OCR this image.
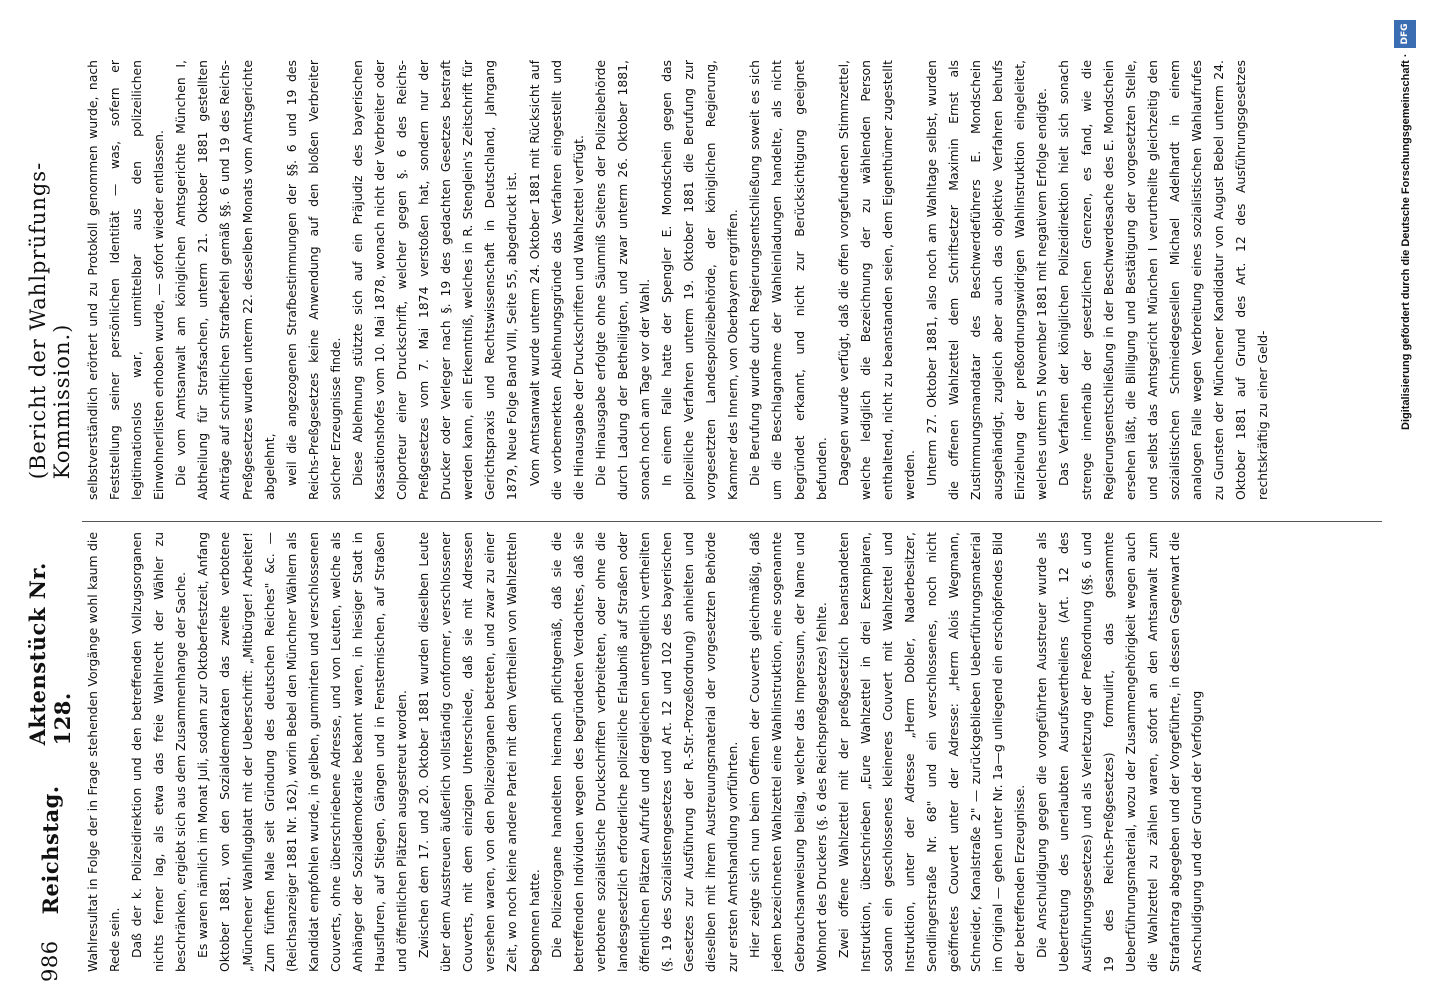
986
Reichstag.
Aktenstück Nr. 128.
(Bericht der Wahlprüfungs-Kommission.)

Wahlresultat in Folge der in Frage stehenden Vorgänge wohl kaum die Rede sein. Daß der k. Polizeidirektion und den betreffenden Vollzugsorganen nichts ferner lag, als etwa das freie Wahlrecht der Wähler zu beschränken, ergiebt sich aus dem Zusammenhange der Sache. Es waren nämlich im Monat Juli, sodann zur Oktoberfestzeit, Anfang Oktober 1881, von den Sozialdemokraten das zweite verbotene „Münchener Wahlflugblatt mit der Ueberschrift: „Mitbürger! Arbeiter! Zum fünften Male seit Gründung des deutschen Reiches" &c. — (Reichsanzeiger 1881 Nr. 162), worin Bebel den Münchner Wählern als Kandidat empfohlen wurde, in gelben, gummirten und verschlossenen Couverts, ohne überschriebene Adresse, und von Leuten, welche als Anhänger der Sozialdemokratie bekannt waren, in hiesiger Stadt in Hausfluren, auf Stiegen, Gängen und in Fensternischen, auf Straßen und öffentlichen Plätzen ausgestreut worden. Zwischen dem 17. und 20. Oktober 1881 wurden dieselben Leute über dem Ausstreuen äußerlich vollständig conformer, verschlossener Couverts, mit dem einzigen Unterschiede, daß sie mit Adressen versehen waren, von den Polizeiorganen betreten, und zwar zu einer Zeit, wo noch keine andere Partei mit dem Vertheilen von Wahlzetteln begonnen hatte. Die Polizeiorgane handelten hiernach pflichtgemäß, daß sie die betreffenden Individuen wegen des begründeten Verdachtes, daß sie verbotene sozialistische Druckschriften verbreiteten, oder ohne die landesgesetzlich erforderliche polizeiliche Erlaubniß auf Straßen oder öffentlichen Plätzen Aufrufe und dergleichen unentgeltlich vertheilten (§. 19 des Sozialistengesetzes und Art. 12 und 102 des bayerischen Gesetzes zur Ausführung der R.-Str.-Prozeßordnung) anhielten und dieselben mit ihrem Austreuungsmaterial der vorgesetzten Behörde zur ersten Amtshandlung vorführten. Hier zeigte sich nun beim Oeffnen der Couverts gleichmäßig, daß jedem bezeichneten Wahlzettel eine Wahlinstruktion, eine sogenannte Gebrauchsanweisung beilag, welcher das Impressum, der Name und Wohnort des Druckers (§. 6 des Reichspreßgesetzes) fehlte. Zwei offene Wahlzettel mit der preßgesetzlich beanstandeten Instruktion, überschrieben „Eure Wahlzettel in drei Exemplaren, sodann ein geschlossenes kleineres Couvert mit Wahlzettel und Instruktion, unter der Adresse „Herrn Dobler, Naderbesitzer, Sendlingerstraße Nr. 68" und ein verschlossenes, noch nicht geöffnetes Couvert unter der Adresse: „Herrn Alois Wegmann, Schneider, Kanalstraße 2" — zurückgeblieben Ueberführungsmaterial im Original — gehen unter Nr. 1a—g unliegend ein erschöpfendes Bild der betreffenden Erzeugnisse. Die Anschuldigung gegen die vorgeführten Ausstreuer wurde als Uebertretung des unerlaubten Ausrufsvertheilens (Art. 12 des Ausführungsgesetzes) und als Verletzung der Preßordnung (§§. 6 und 19 des Reichs-Preßgesetzes) formulirt, das gesammte Ueberführungsmaterial, wozu der Zusammengehörigkeit wegen auch die Wahlzettel zu zählen waren, sofort an den Amtsanwalt zum Strafantrag abgegeben und der Vorgeführte, in dessen Gegenwart die Anschuldigung und der Grund der Verfolgung

selbstverständlich erörtert und zu Protokoll genommen wurde, nach Feststellung seiner persönlichen Identität — was, sofern er legitimationslos war, unmittelbar aus den polizeilichen Einwohnerlisten erhoben wurde, — sofort wieder entlassen. Die vom Amtsanwalt am königlichen Amtsgerichte München I, Abtheilung für Strafsachen, unterm 21. Oktober 1881 gestellten Anträge auf schriftlichen Strafbefehl gemäß §§. 6 und 19 des Reichs-Preßgesetzes wurden unterm 22. desselben Monats vom Amtsgerichte abgelehnt, weil die angezogenen Strafbestimmungen der §§. 6 und 19 des Reichs-Preßgesetzes keine Anwendung auf den bloßen Verbreiter solcher Erzeugnisse finde. Diese Ablehnung stützte sich auf ein Präjudiz des bayerischen Kassationshofes vom 10. Mai 1878, wonach nicht der Verbreiter oder Colporteur einer Druckschrift, welcher gegen §. 6 des Reichs-Preßgesetzes vom 7. Mai 1874 verstoßen hat, sondern nur der Drucker oder Verleger nach §. 19 des gedachten Gesetzes bestraft werden kann, ein Erkenntniß, welches in R. Stenglein's Zeitschrift für Gerichtspraxis und Rechtswissenschaft in Deutschland, Jahrgang 1879, Neue Folge Band VIII, Seite 55, abgedruckt ist. Vom Amtsanwalt wurde unterm 24. Oktober 1881 mit Rücksicht auf die vorbemerkten Ablehnungsgründe das Verfahren eingestellt und die Hinausgabe der Druckschriften und Wahlzettel verfügt. Die Hinausgabe erfolgte ohne Säumniß Seitens der Polizeibehörde durch Ladung der Betheiligten, und zwar unterm 26. Oktober 1881, sonach noch am Tage vor der Wahl. In einem Falle hatte der Spengler E. Mondschein gegen das polizeiliche Verfahren unterm 19. Oktober 1881 die Berufung zur vorgesetzten Landespolizeibehörde, der königlichen Regierung, Kammer des Innern, von Oberbayern ergriffen. Die Berufung wurde durch Regierungsentschließung soweit es sich um die Beschlagnahme der Wahleinladungen handelte, als nicht begründet erkannt, und nicht zur Berücksichtigung geeignet befunden. Dagegen wurde verfügt, daß die offen vorgefundenen Stimmzettel, welche lediglich die Bezeichnung der zu wählenden Person enthaltend, nicht zu beanstanden seien, dem Eigenthümer zugestellt werden. Unterm 27. Oktober 1881, also noch am Wahltage selbst, wurden die offenen Wahlzettel dem Schriftsetzer Maximin Ernst als Zustimmungsmandatar des Beschwerdeführers E. Mondschein ausgehändigt, zugleich aber auch das objektive Verfahren behufs Einziehung der preßordnungswidrigen Wahlinstruktion eingeleitet, welches unterm 5 November 1881 mit negativem Erfolge endigte. Das Verfahren der königlichen Polizeidirektion hielt sich sonach strenge innerhalb der gesetzlichen Grenzen, es fand, wie die Regierungsentschließung in der Beschwerdesache des E. Mondschein ersehen läßt, die Billigung und Bestätigung der vorgesetzten Stelle, und selbst das Amtsgericht München I verurtheilte gleichzeitig den sozialistischen Schmiedegesellen Michael Adelhardt in einem analogen Falle wegen Verbreitung eines sozialistischen Wahlaufrufes zu Gunsten der Münchener Kandidatur von August Bebel unterm 24. Oktober 1881 auf Grund des Art. 12 des Ausführungsgesetzes rechtskräftig zu einer Geld-	Digitalisierung gefördert durch die Deutsche Forschungsgemeinschaft ·
DFG
